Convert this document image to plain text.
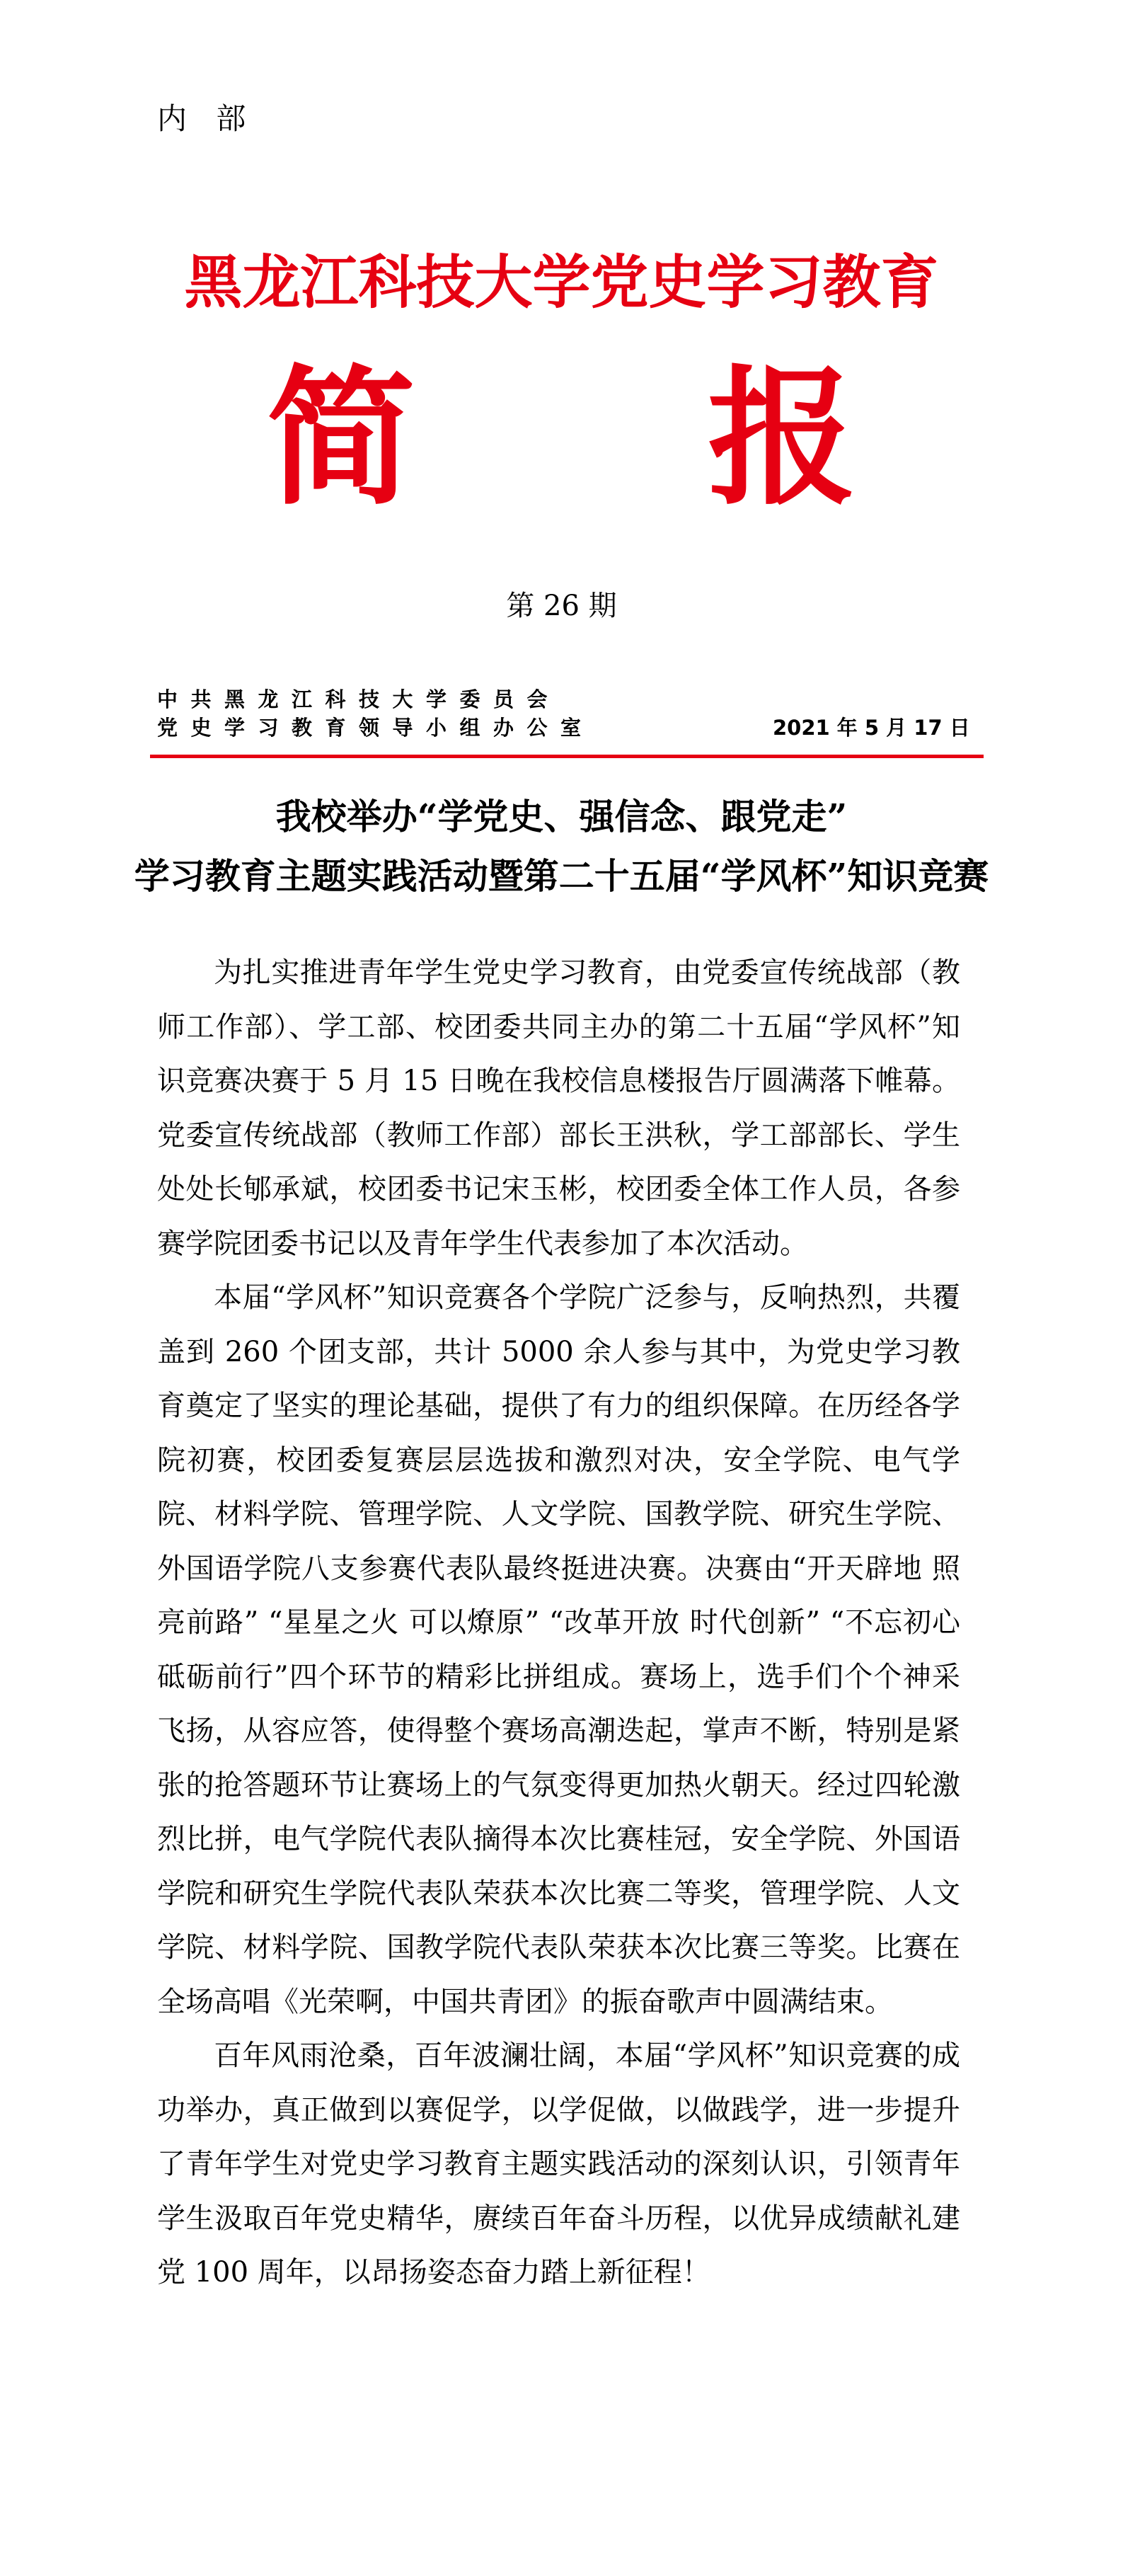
内 部
黑龙江科技大学党史学习教育
简 报
第 26 期
中共黑龙江科技大学委员会
党史学习教育领导小组办公室	2021 年 5 月 17 日
我校举办“学党史、强信念、跟党走”
学习教育主题实践活动暨第二十五届“学风杯”知识竞赛

为扎实推进青年学生党史学习教育，由党委宣传统战部（教师工作部）、学工部、校团委共同主办的第二十五届“学风杯”知识竞赛决赛于 5 月 15 日晚在我校信息楼报告厅圆满落下帷幕。党委宣传统战部（教师工作部）部长王洪秋，学工部部长、学生处处长郇承斌，校团委书记宋玉彬，校团委全体工作人员，各参赛学院团委书记以及青年学生代表参加了本次活动。

本届“学风杯”知识竞赛各个学院广泛参与，反响热烈，共覆盖到 260 个团支部，共计 5000 余人参与其中，为党史学习教育奠定了坚实的理论基础，提供了有力的组织保障。在历经各学院初赛，校团委复赛层层选拔和激烈对决，安全学院、电气学院、材料学院、管理学院、人文学院、国教学院、研究生学院、外国语学院八支参赛代表队最终挺进决赛。决赛由“开天辟地 照亮前路” “星星之火 可以燎原” “改革开放 时代创新” “不忘初心 砥砺前行”四个环节的精彩比拼组成。赛场上，选手们个个神采飞扬，从容应答，使得整个赛场高潮迭起，掌声不断，特别是紧张的抢答题环节让赛场上的气氛变得更加热火朝天。经过四轮激烈比拼，电气学院代表队摘得本次比赛桂冠，安全学院、外国语学院和研究生学院代表队荣获本次比赛二等奖，管理学院、人文学院、材料学院、国教学院代表队荣获本次比赛三等奖。比赛在全场高唱《光荣啊，中国共青团》的振奋歌声中圆满结束。

百年风雨沧桑，百年波澜壮阔，本届“学风杯”知识竞赛的成功举办，真正做到以赛促学，以学促做，以做践学，进一步提升了青年学生对党史学习教育主题实践活动的深刻认识，引领青年学生汲取百年党史精华，赓续百年奋斗历程，以优异成绩献礼建党 100 周年，以昂扬姿态奋力踏上新征程！
